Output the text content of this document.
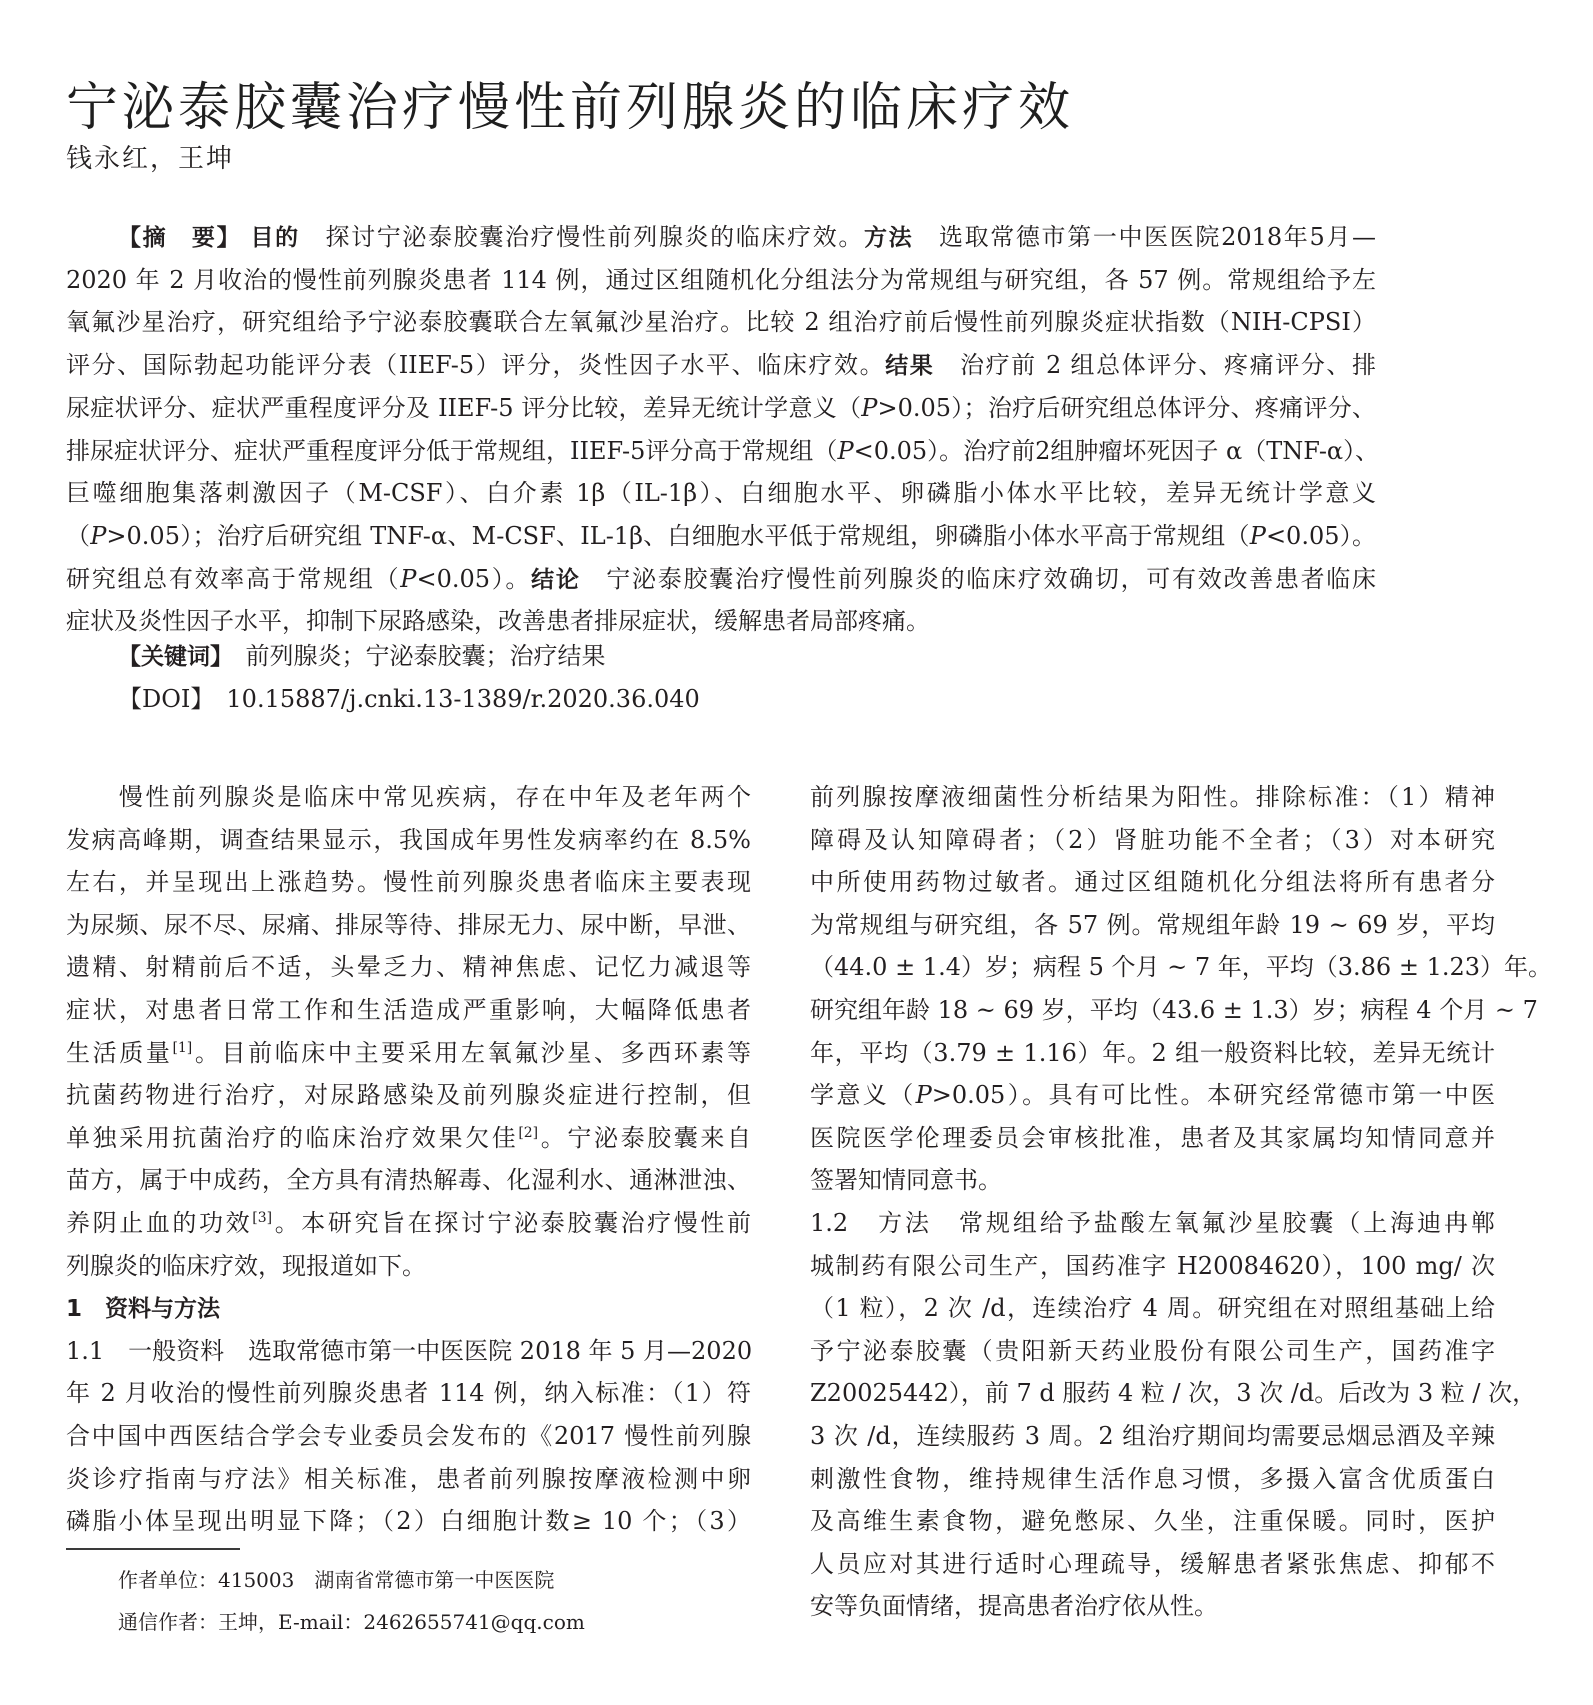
宁泌泰胶囊治疗慢性前列腺炎的临床疗效
钱永红，王坤
【摘　要】 目的　探讨宁泌泰胶囊治疗慢性前列腺炎的临床疗效。方法　选取常德市第一中医医院2018年5月—
2020 年 2 月收治的慢性前列腺炎患者 114 例，通过区组随机化分组法分为常规组与研究组，各 57 例。常规组给予左
氧氟沙星治疗，研究组给予宁泌泰胶囊联合左氧氟沙星治疗。比较 2 组治疗前后慢性前列腺炎症状指数（NIH-CPSI）
评分、国际勃起功能评分表（IIEF-5）评分，炎性因子水平、临床疗效。结果　治疗前 2 组总体评分、疼痛评分、排
尿症状评分、症状严重程度评分及 IIEF-5 评分比较，差异无统计学意义（P>0.05）；治疗后研究组总体评分、疼痛评分、
排尿症状评分、症状严重程度评分低于常规组，IIEF-5评分高于常规组（P<0.05）。治疗前2组肿瘤坏死因子 α（TNF-α）、
巨噬细胞集落刺激因子（M-CSF）、白介素 1β（IL-1β）、白细胞水平、卵磷脂小体水平比较，差异无统计学意义
（P>0.05）；治疗后研究组 TNF-α、M-CSF、IL-1β、白细胞水平低于常规组，卵磷脂小体水平高于常规组（P<0.05）。
研究组总有效率高于常规组（P<0.05）。结论　宁泌泰胶囊治疗慢性前列腺炎的临床疗效确切，可有效改善患者临床
症状及炎性因子水平，抑制下尿路感染，改善患者排尿症状，缓解患者局部疼痛。
【关键词】　 前列腺炎；宁泌泰胶囊；治疗结果
【DOI】　 10.15887/j.cnki.13-1389/r.2020.36.040
　　慢性前列腺炎是临床中常见疾病，存在中年及老年两个
发病高峰期，调查结果显示，我国成年男性发病率约在 8.5%
左右，并呈现出上涨趋势。慢性前列腺炎患者临床主要表现
为尿频、尿不尽、尿痛、排尿等待、排尿无力、尿中断，早泄、
遗精、射精前后不适，头晕乏力、精神焦虑、记忆力减退等
症状，对患者日常工作和生活造成严重影响，大幅降低患者
生活质量[1]。目前临床中主要采用左氧氟沙星、多西环素等
抗菌药物进行治疗，对尿路感染及前列腺炎症进行控制，但
单独采用抗菌治疗的临床治疗效果欠佳[2]。宁泌泰胶囊来自
苗方，属于中成药，全方具有清热解毒、化湿利水、通淋泄浊、
养阴止血的功效[3]。本研究旨在探讨宁泌泰胶囊治疗慢性前
列腺炎的临床疗效，现报道如下。
1　资料与方法
1.1　一般资料　选取常德市第一中医医院 2018 年 5 月—2020
年 2 月收治的慢性前列腺炎患者 114 例，纳入标准：（1）符
合中国中西医结合学会专业委员会发布的《2017 慢性前列腺
炎诊疗指南与疗法》相关标准，患者前列腺按摩液检测中卵
磷脂小体呈现出明显下降；（2）白细胞计数≥ 10 个；（3）
前列腺按摩液细菌性分析结果为阳性。排除标准：（1）精神
障碍及认知障碍者；（2）肾脏功能不全者；（3）对本研究
中所使用药物过敏者。通过区组随机化分组法将所有患者分
为常规组与研究组，各 57 例。常规组年龄 19 ~ 69 岁，平均
（44.0 ± 1.4）岁；病程 5 个月 ~ 7 年，平均（3.86 ± 1.23）年。
研究组年龄 18 ~ 69 岁，平均（43.6 ± 1.3）岁；病程 4 个月 ~ 7
年，平均（3.79 ± 1.16）年。2 组一般资料比较，差异无统计
学意义（P>0.05）。具有可比性。本研究经常德市第一中医
医院医学伦理委员会审核批准，患者及其家属均知情同意并
签署知情同意书。
1.2　方法　常规组给予盐酸左氧氟沙星胶囊（上海迪冉郸
城制药有限公司生产，国药准字 H20084620），100 mg/ 次
（1 粒），2 次 /d，连续治疗 4 周。研究组在对照组基础上给
予宁泌泰胶囊（贵阳新天药业股份有限公司生产，国药准字
Z20025442），前 7 d 服药 4 粒 / 次，3 次 /d。后改为 3 粒 / 次，
3 次 /d，连续服药 3 周。2 组治疗期间均需要忌烟忌酒及辛辣
刺激性食物，维持规律生活作息习惯，多摄入富含优质蛋白
及高维生素食物，避免憋尿、久坐，注重保暖。同时，医护
人员应对其进行适时心理疏导，缓解患者紧张焦虑、抑郁不
安等负面情绪，提高患者治疗依从性。
作者单位：415003　湖南省常德市第一中医医院
通信作者：王坤，E-mail：2462655741@qq.com
